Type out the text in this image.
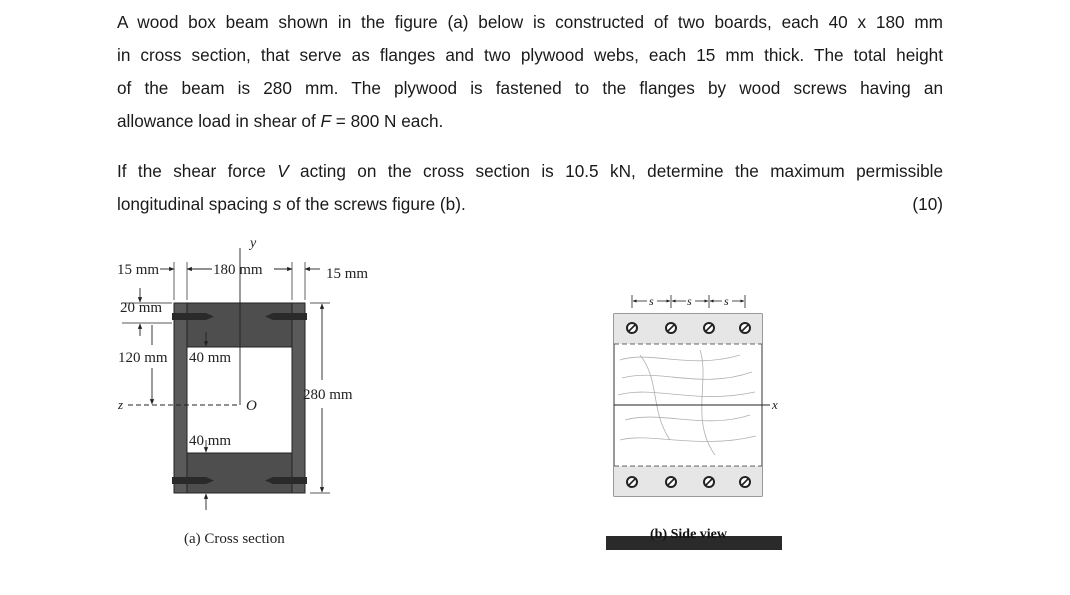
A wood box beam shown in the figure (a) below is constructed of two boards, each 40 x 180 mm
in cross section, that serve as flanges and two plywood webs, each 15 mm thick. The total height
of the beam is 280 mm. The plywood is fastened to the flanges by wood screws having an
allowance load in shear of F = 800 N each.
If the shear force V acting on the cross section is 10.5 kN, determine the maximum permissible
longitudinal spacing s of the screws figure (b).	(10)
15 mm	180 mm	15 mm
20 mm
120 mm 40 mm
280 mm
40 mm
y
z	O
(a) Cross section
x
s	s	s
(b) Side view
